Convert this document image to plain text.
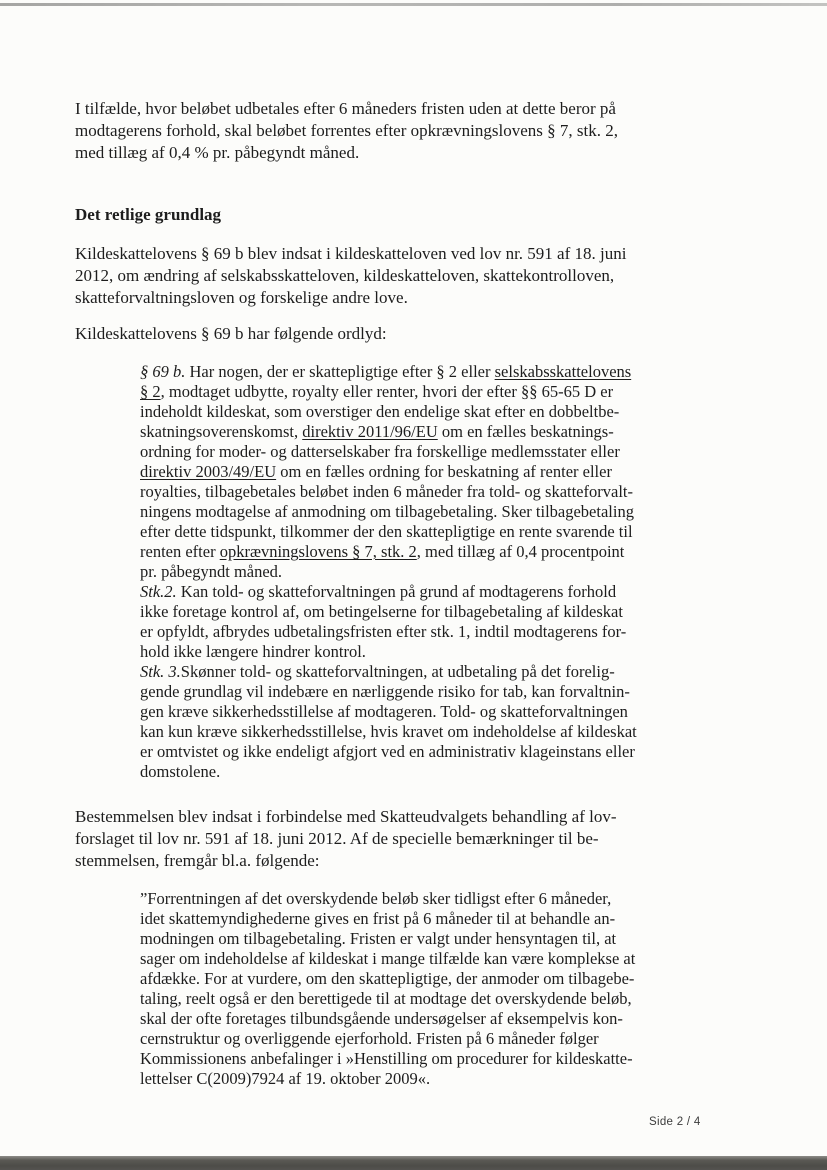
I tilfælde, hvor beløbet udbetales efter 6 måneders fristen uden at dette beror på
modtagerens forhold, skal beløbet forrentes efter opkrævningslovens § 7, stk. 2,
med tillæg af 0,4 % pr. påbegyndt måned.
Det retlige grundlag
Kildeskattelovens § 69 b blev indsat i kildeskatteloven ved lov nr. 591 af 18. juni
2012, om ændring af selskabsskatteloven, kildeskatteloven, skattekontrolloven,
skatteforvaltningsloven og forskelige andre love.
Kildeskattelovens § 69 b har følgende ordlyd:
§ 69 b. Har nogen, der er skattepligtige efter § 2 eller selskabsskattelovens
§ 2, modtaget udbytte, royalty eller renter, hvori der efter §§ 65-65 D er
indeholdt kildeskat, som overstiger den endelige skat efter en dobbeltbe-
skatningsoverenskomst, direktiv 2011/96/EU om en fælles beskatnings-
ordning for moder- og datterselskaber fra forskellige medlemsstater eller
direktiv 2003/49/EU om en fælles ordning for beskatning af renter eller
royalties, tilbagebetales beløbet inden 6 måneder fra told- og skatteforvalt-
ningens modtagelse af anmodning om tilbagebetaling. Sker tilbagebetaling
efter dette tidspunkt, tilkommer der den skattepligtige en rente svarende til
renten efter opkrævningslovens § 7, stk. 2, med tillæg af 0,4 procentpoint
pr. påbegyndt måned.
Stk.2. Kan told- og skatteforvaltningen på grund af modtagerens forhold
ikke foretage kontrol af, om betingelserne for tilbagebetaling af kildeskat
er opfyldt, afbrydes udbetalingsfristen efter stk. 1, indtil modtagerens for-
hold ikke længere hindrer kontrol.
Stk. 3.Skønner told- og skatteforvaltningen, at udbetaling på det forelig-
gende grundlag vil indebære en nærliggende risiko for tab, kan forvaltnin-
gen kræve sikkerhedsstillelse af modtageren. Told- og skatteforvaltningen
kan kun kræve sikkerhedsstillelse, hvis kravet om indeholdelse af kildeskat
er omtvistet og ikke endeligt afgjort ved en administrativ klageinstans eller
domstolene.
Bestemmelsen blev indsat i forbindelse med Skatteudvalgets behandling af lov-
forslaget til lov nr. 591 af 18. juni 2012. Af de specielle bemærkninger til be-
stemmelsen, fremgår bl.a. følgende:
”Forrentningen af det overskydende beløb sker tidligst efter 6 måneder,
idet skattemyndighederne gives en frist på 6 måneder til at behandle an-
modningen om tilbagebetaling. Fristen er valgt under hensyntagen til, at
sager om indeholdelse af kildeskat i mange tilfælde kan være komplekse at
afdække. For at vurdere, om den skattepligtige, der anmoder om tilbagebe-
taling, reelt også er den berettigede til at modtage det overskydende beløb,
skal der ofte foretages tilbundsgående undersøgelser af eksempelvis kon-
cernstruktur og overliggende ejerforhold. Fristen på 6 måneder følger
Kommissionens anbefalinger i »Henstilling om procedurer for kildeskatte-
lettelser C(2009)7924 af 19. oktober 2009«.
Side 2 / 4
